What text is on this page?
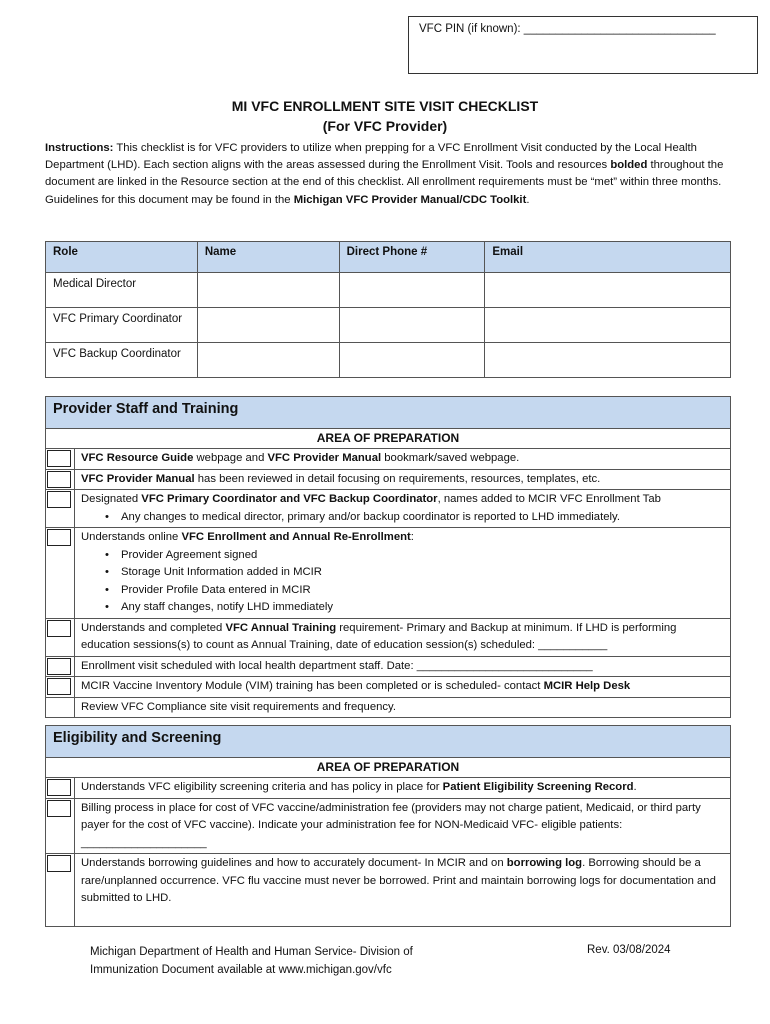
VFC PIN (if known): ______________________________
MI VFC ENROLLMENT SITE VISIT CHECKLIST
(For VFC Provider)
Instructions: This checklist is for VFC providers to utilize when prepping for a VFC Enrollment Visit conducted by the Local Health Department (LHD). Each section aligns with the areas assessed during the Enrollment Visit. Tools and resources bolded throughout the document are linked in the Resource section at the end of this checklist. All enrollment requirements must be “met” within three months. Guidelines for this document may be found in the Michigan VFC Provider Manual/CDC Toolkit.
Role	Name	Direct Phone #	Email
Medical Director			
VFC Primary Coordinator			
VFC Backup Coordinator			
Provider Staff and Training
AREA OF PREPARATION
VFC Resource Guide webpage and VFC Provider Manual bookmark/saved webpage.
VFC Provider Manual has been reviewed in detail focusing on requirements, resources, templates, etc.
Designated VFC Primary Coordinator and VFC Backup Coordinator, names added to MCIR VFC Enrollment Tab
• Any changes to medical director, primary and/or backup coordinator is reported to LHD immediately.
Understands online VFC Enrollment and Annual Re-Enrollment:
• Provider Agreement signed
• Storage Unit Information added in MCIR
• Provider Profile Data entered in MCIR
• Any staff changes, notify LHD immediately
Understands and completed VFC Annual Training requirement- Primary and Backup at minimum. If LHD is performing education sessions(s) to count as Annual Training, date of education session(s) scheduled: ___________
Enrollment visit scheduled with local health department staff. Date: ____________________________
MCIR Vaccine Inventory Module (VIM) training has been completed or is scheduled- contact MCIR Help Desk
Review VFC Compliance site visit requirements and frequency.
Eligibility and Screening
AREA OF PREPARATION
Understands VFC eligibility screening criteria and has policy in place for Patient Eligibility Screening Record.
Billing process in place for cost of VFC vaccine/administration fee (providers may not charge patient, Medicaid, or third party payer for the cost of VFC vaccine). Indicate your administration fee for NON-Medicaid VFC- eligible patients: ____________________
Understands borrowing guidelines and how to accurately document- In MCIR and on borrowing log. Borrowing should be a rare/unplanned occurrence. VFC flu vaccine must never be borrowed. Print and maintain borrowing logs for documentation and submitted to LHD.
Michigan Department of Health and Human Service- Division of
Immunization Document available at www.michigan.gov/vfc
Rev. 03/08/2024
